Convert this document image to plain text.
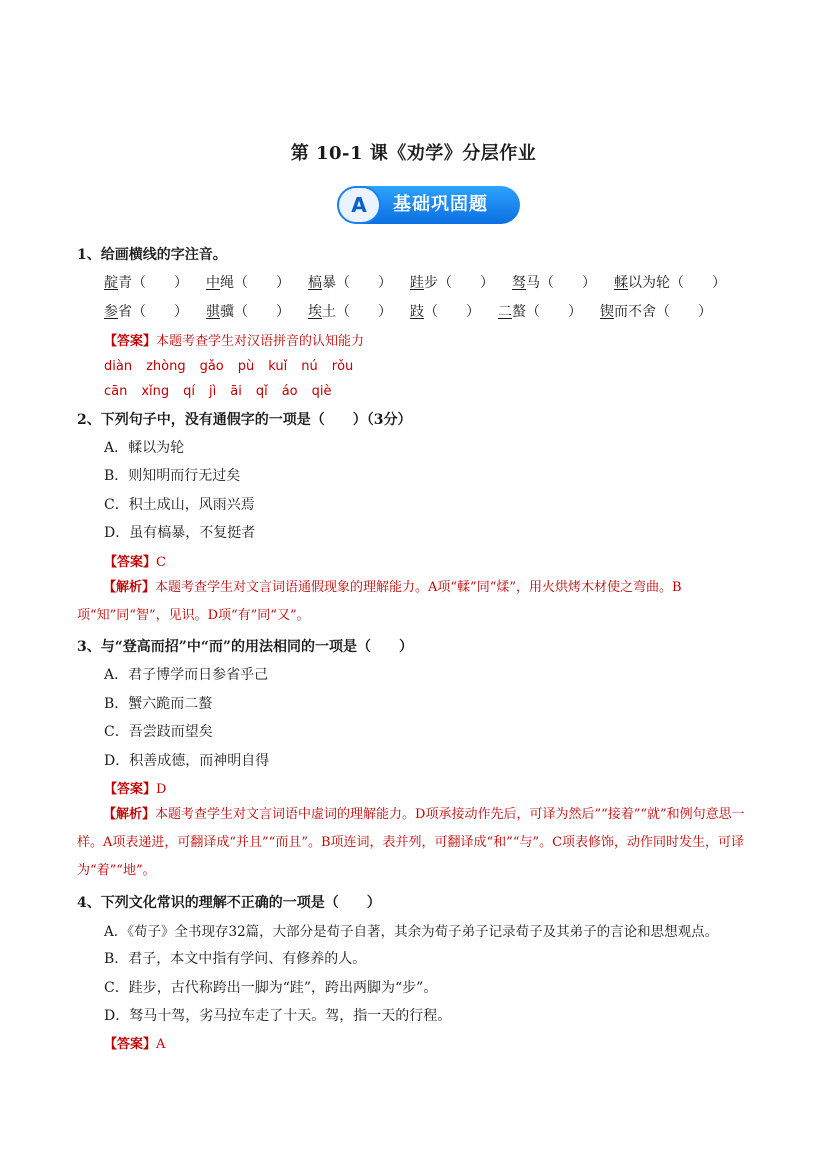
第 10-1 课《劝学》分层作业
A	基础巩固题
1、给画横线的字注音。
靛青（　　） 中绳（　　） 槁暴（　　） 跬步（　　） 驽马（　　） 輮以为轮（　　）
参省（　　） 骐骥（　　） 埃土（　　） 跂（　　） 二螯（　　） 锲而不舍（　　）
【答案】本题考查学生对汉语拼音的认知能力
diàn zhòng gǎo pù kuǐ nú rǒu
cān xǐng qí jì āi qǐ áo qiè
2、下列句子中，没有通假字的一项是（　　）（3分）
A．輮以为轮
B．则知明而行无过矣
C．积土成山，风雨兴焉
D．虽有槁暴，不复挺者
【答案】C
【解析】本题考查学生对文言词语通假现象的理解能力。A项“輮”同“煣”，用火烘烤木材使之弯曲。B项“知”同“智”，见识。D项“有”同“又”。
3、与“登高而招”中“而”的用法相同的一项是（　　）
A．君子博学而日参省乎己
B．蟹六跪而二螯
C．吾尝跂而望矣
D．积善成德，而神明自得
【答案】D
【解析】本题考查学生对文言词语中虚词的理解能力。D项承接动作先后，可译为然后”“接着”“就”和例句意思一样。A项表递进，可翻译成“并且”“而且”。B项连词，表并列，可翻译成“和”“与”。C项表修饰，动作同时发生，可译为“着”“地”。
4、下列文化常识的理解不正确的一项是（　　）
A．《荀子》全书现存32篇，大部分是荀子自著，其余为荀子弟子记录荀子及其弟子的言论和思想观点。
B．君子，本文中指有学问、有修养的人。
C．跬步，古代称跨出一脚为“跬”，跨出两脚为“步”。
D．驽马十驾，劣马拉车走了十天。驾，指一天的行程。
【答案】A
